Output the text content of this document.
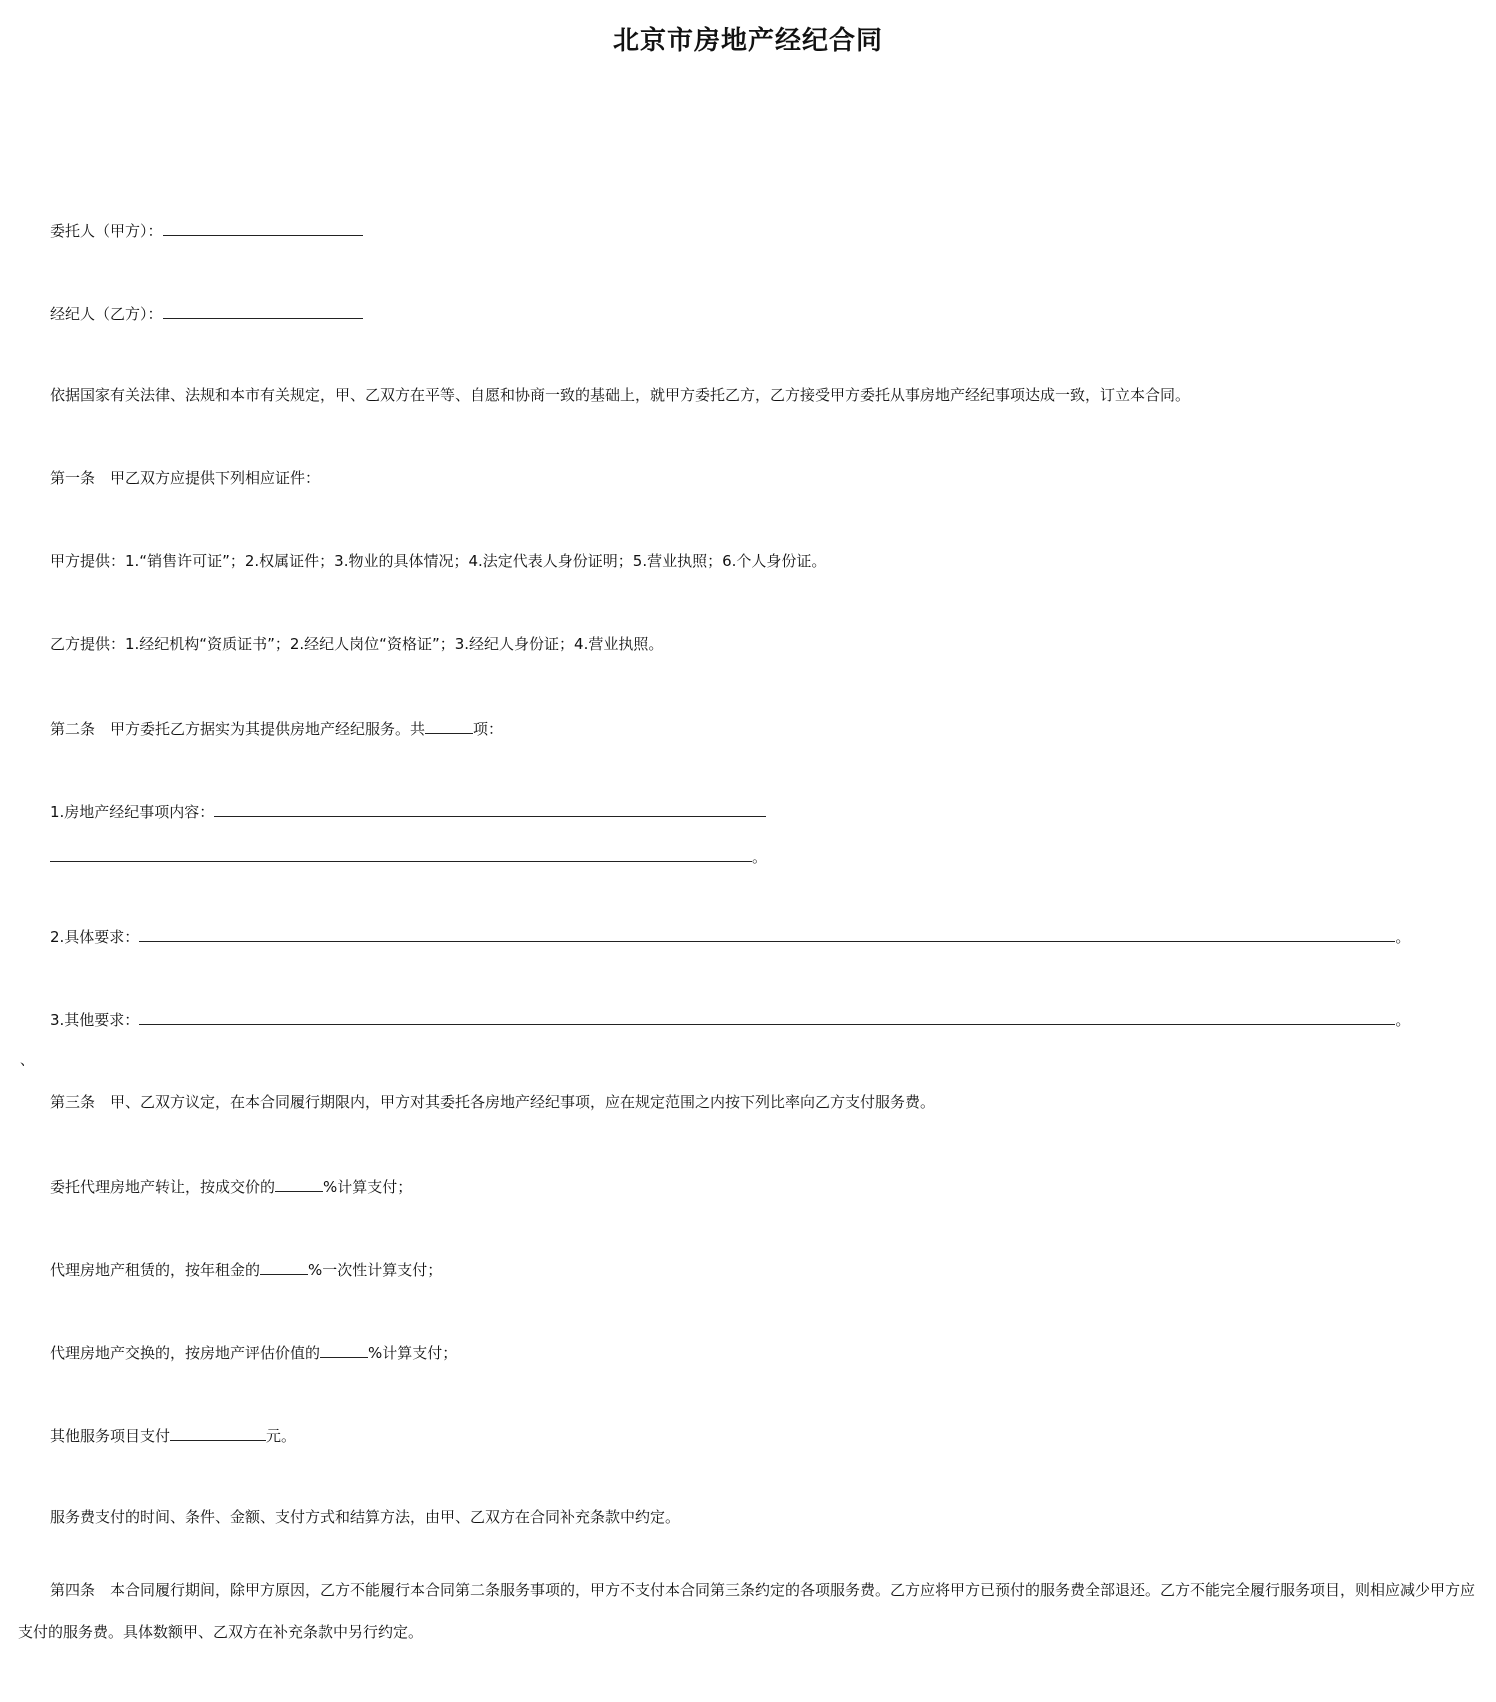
北京市房地产经纪合同
委托人（甲方）：
经纪人（乙方）：
依据国家有关法律、法规和本市有关规定，甲、乙双方在平等、自愿和协商一致的基础上，就甲方委托乙方，乙方接受甲方委托从事房地产经纪事项达成一致，订立本合同。
第一条　甲乙双方应提供下列相应证件：
甲方提供：1.“销售许可证”；2.权属证件；3.物业的具体情况；4.法定代表人身份证明；5.营业执照；6.个人身份证。
乙方提供：1.经纪机构“资质证书”；2.经纪人岗位“资格证”；3.经纪人身份证；4.营业执照。
第二条　甲方委托乙方据实为其提供房地产经纪服务。共	项：
1.房地产经纪事项内容：
。
2.具体要求：	。
3.其他要求：	。
、
第三条　甲、乙双方议定，在本合同履行期限内，甲方对其委托各房地产经纪事项，应在规定范围之内按下列比率向乙方支付服务费。
委托代理房地产转让，按成交价的	%计算支付；
代理房地产租赁的，按年租金的	%一次性计算支付；
代理房地产交换的，按房地产评估价值的	%计算支付；
其他服务项目支付	元。
服务费支付的时间、条件、金额、支付方式和结算方法，由甲、乙双方在合同补充条款中约定。
第四条　本合同履行期间，除甲方原因，乙方不能履行本合同第二条服务事项的，甲方不支付本合同第三条约定的各项服务费。乙方应将甲方已预付的服务费全部退还。乙方不能完全履行服务项目，则相应减少甲方应支付的服务费。具体数额甲、乙双方在补充条款中另行约定。
